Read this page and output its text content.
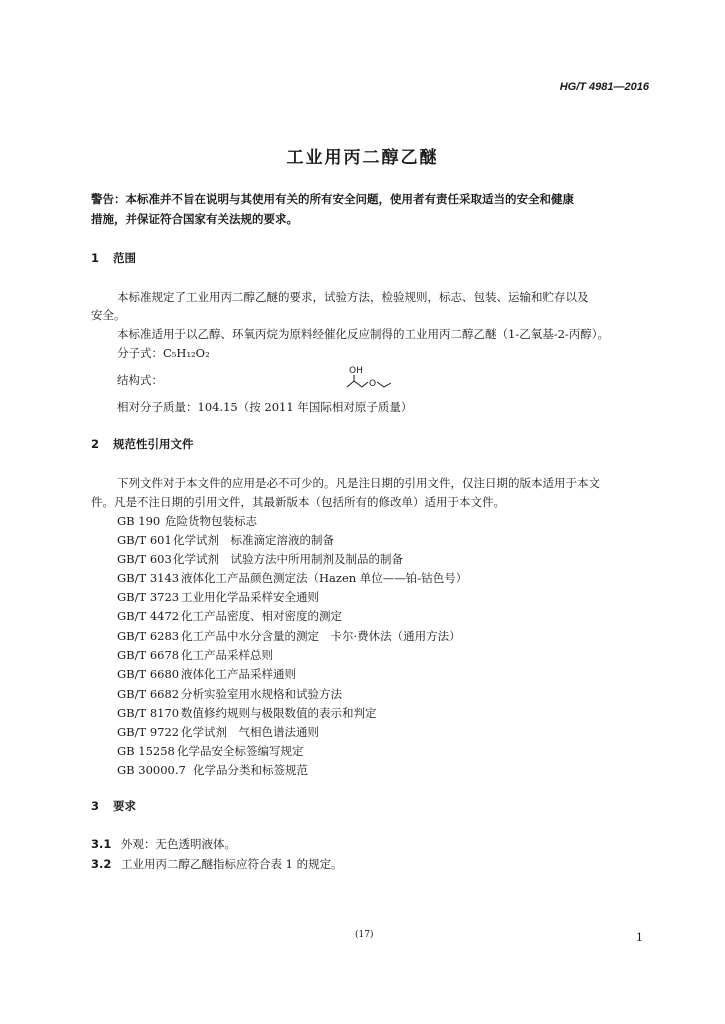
HG/T 4981—2016
工业用丙二醇乙醚
警告：本标准并不旨在说明与其使用有关的所有安全问题，使用者有责任采取适当的安全和健康
措施，并保证符合国家有关法规的要求。
1 范围
本标准规定了工业用丙二醇乙醚的要求，试验方法，检验规则，标志、包装、运输和贮存以及
安全。
本标准适用于以乙醇、环氧丙烷为原料经催化反应制得的工业用丙二醇乙醚（1-乙氧基-2-丙醇）。
分子式：C₅H₁₂O₂
结构式：
OH
O
相对分子质量：104.15（按 2011 年国际相对原子质量）
2 规范性引用文件
下列文件对于本文件的应用是必不可少的。凡是注日期的引用文件，仅注日期的版本适用于本文
件。凡是不注日期的引用文件，其最新版本（包括所有的修改单）适用于本文件。
GB 190 危险货物包装标志
GB/T 601化学试剂　标准滴定溶液的制备
GB/T 603化学试剂　试验方法中所用制剂及制品的制备
GB/T 3143 液体化工产品颜色测定法（Hazen 单位——铂-钴色号）
GB/T 3723 工业用化学品采样安全通则
GB/T 4472 化工产品密度、相对密度的测定
GB/T 6283 化工产品中水分含量的测定　卡尔·费休法（通用方法）
GB/T 6678 化工产品采样总则
GB/T 6680 液体化工产品采样通则
GB/T 6682 分析实验室用水规格和试验方法
GB/T 8170 数值修约规则与极限数值的表示和判定
GB/T 9722 化学试剂　气相色谱法通则
GB 15258 化学品安全标签编写规定
GB 30000.7 化学品分类和标签规范
3 要求
3.1 外观：无色透明液体。
3.2 工业用丙二醇乙醚指标应符合表 1 的规定。
(17)	1
